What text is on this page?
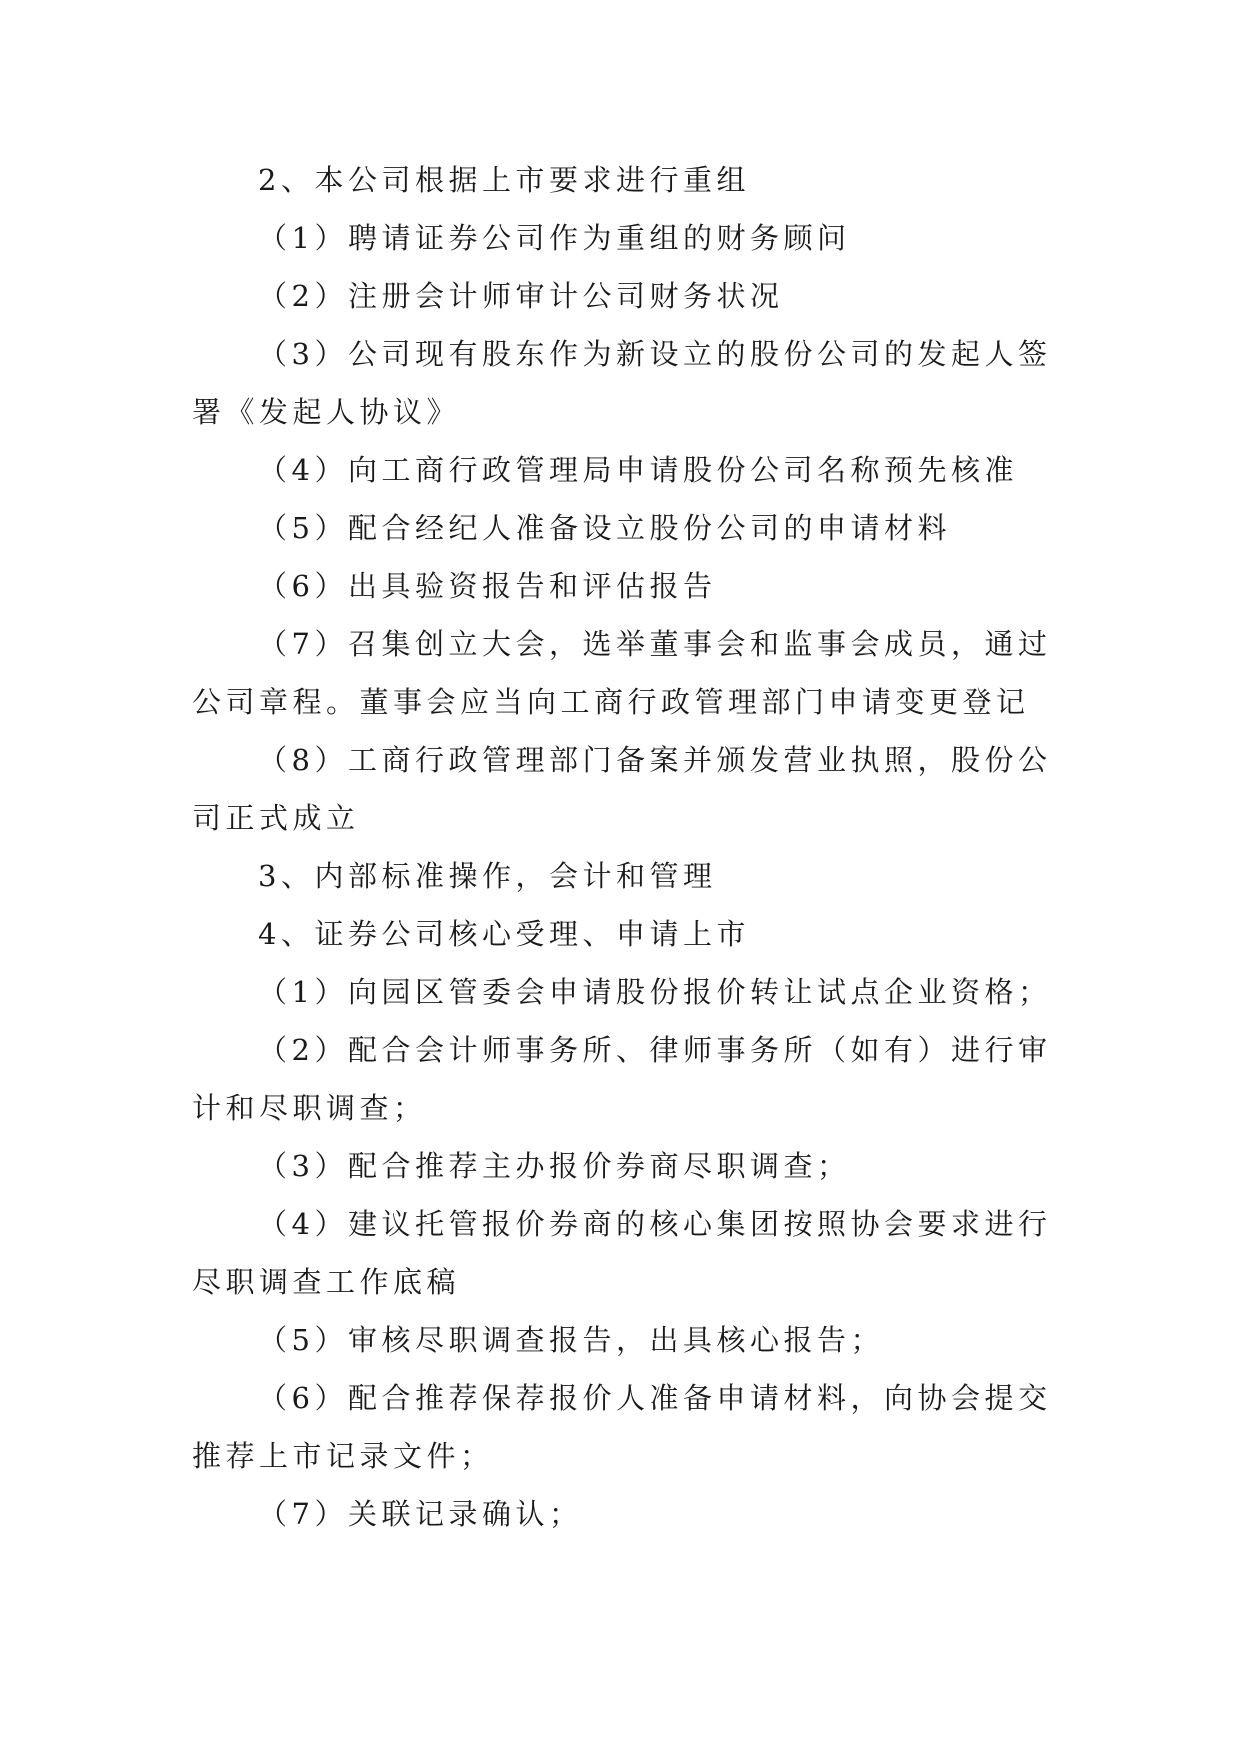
2、本公司根据上市要求进行重组

（1）聘请证券公司作为重组的财务顾问

（2）注册会计师审计公司财务状况

（3）公司现有股东作为新设立的股份公司的发起人签署《发起人协议》

（4）向工商行政管理局申请股份公司名称预先核准

（5）配合经纪人准备设立股份公司的申请材料

（6）出具验资报告和评估报告

（7）召集创立大会，选举董事会和监事会成员，通过公司章程。董事会应当向工商行政管理部门申请变更登记

（8）工商行政管理部门备案并颁发营业执照，股份公司正式成立

3、内部标准操作，会计和管理

4、证券公司核心受理、申请上市

（1）向园区管委会申请股份报价转让试点企业资格；

（2）配合会计师事务所、律师事务所（如有）进行审计和尽职调查；

（3）配合推荐主办报价券商尽职调查；

（4）建议托管报价券商的核心集团按照协会要求进行尽职调查工作底稿

（5）审核尽职调查报告，出具核心报告；

（6）配合推荐保荐报价人准备申请材料，向协会提交推荐上市记录文件；

（7）关联记录确认；
